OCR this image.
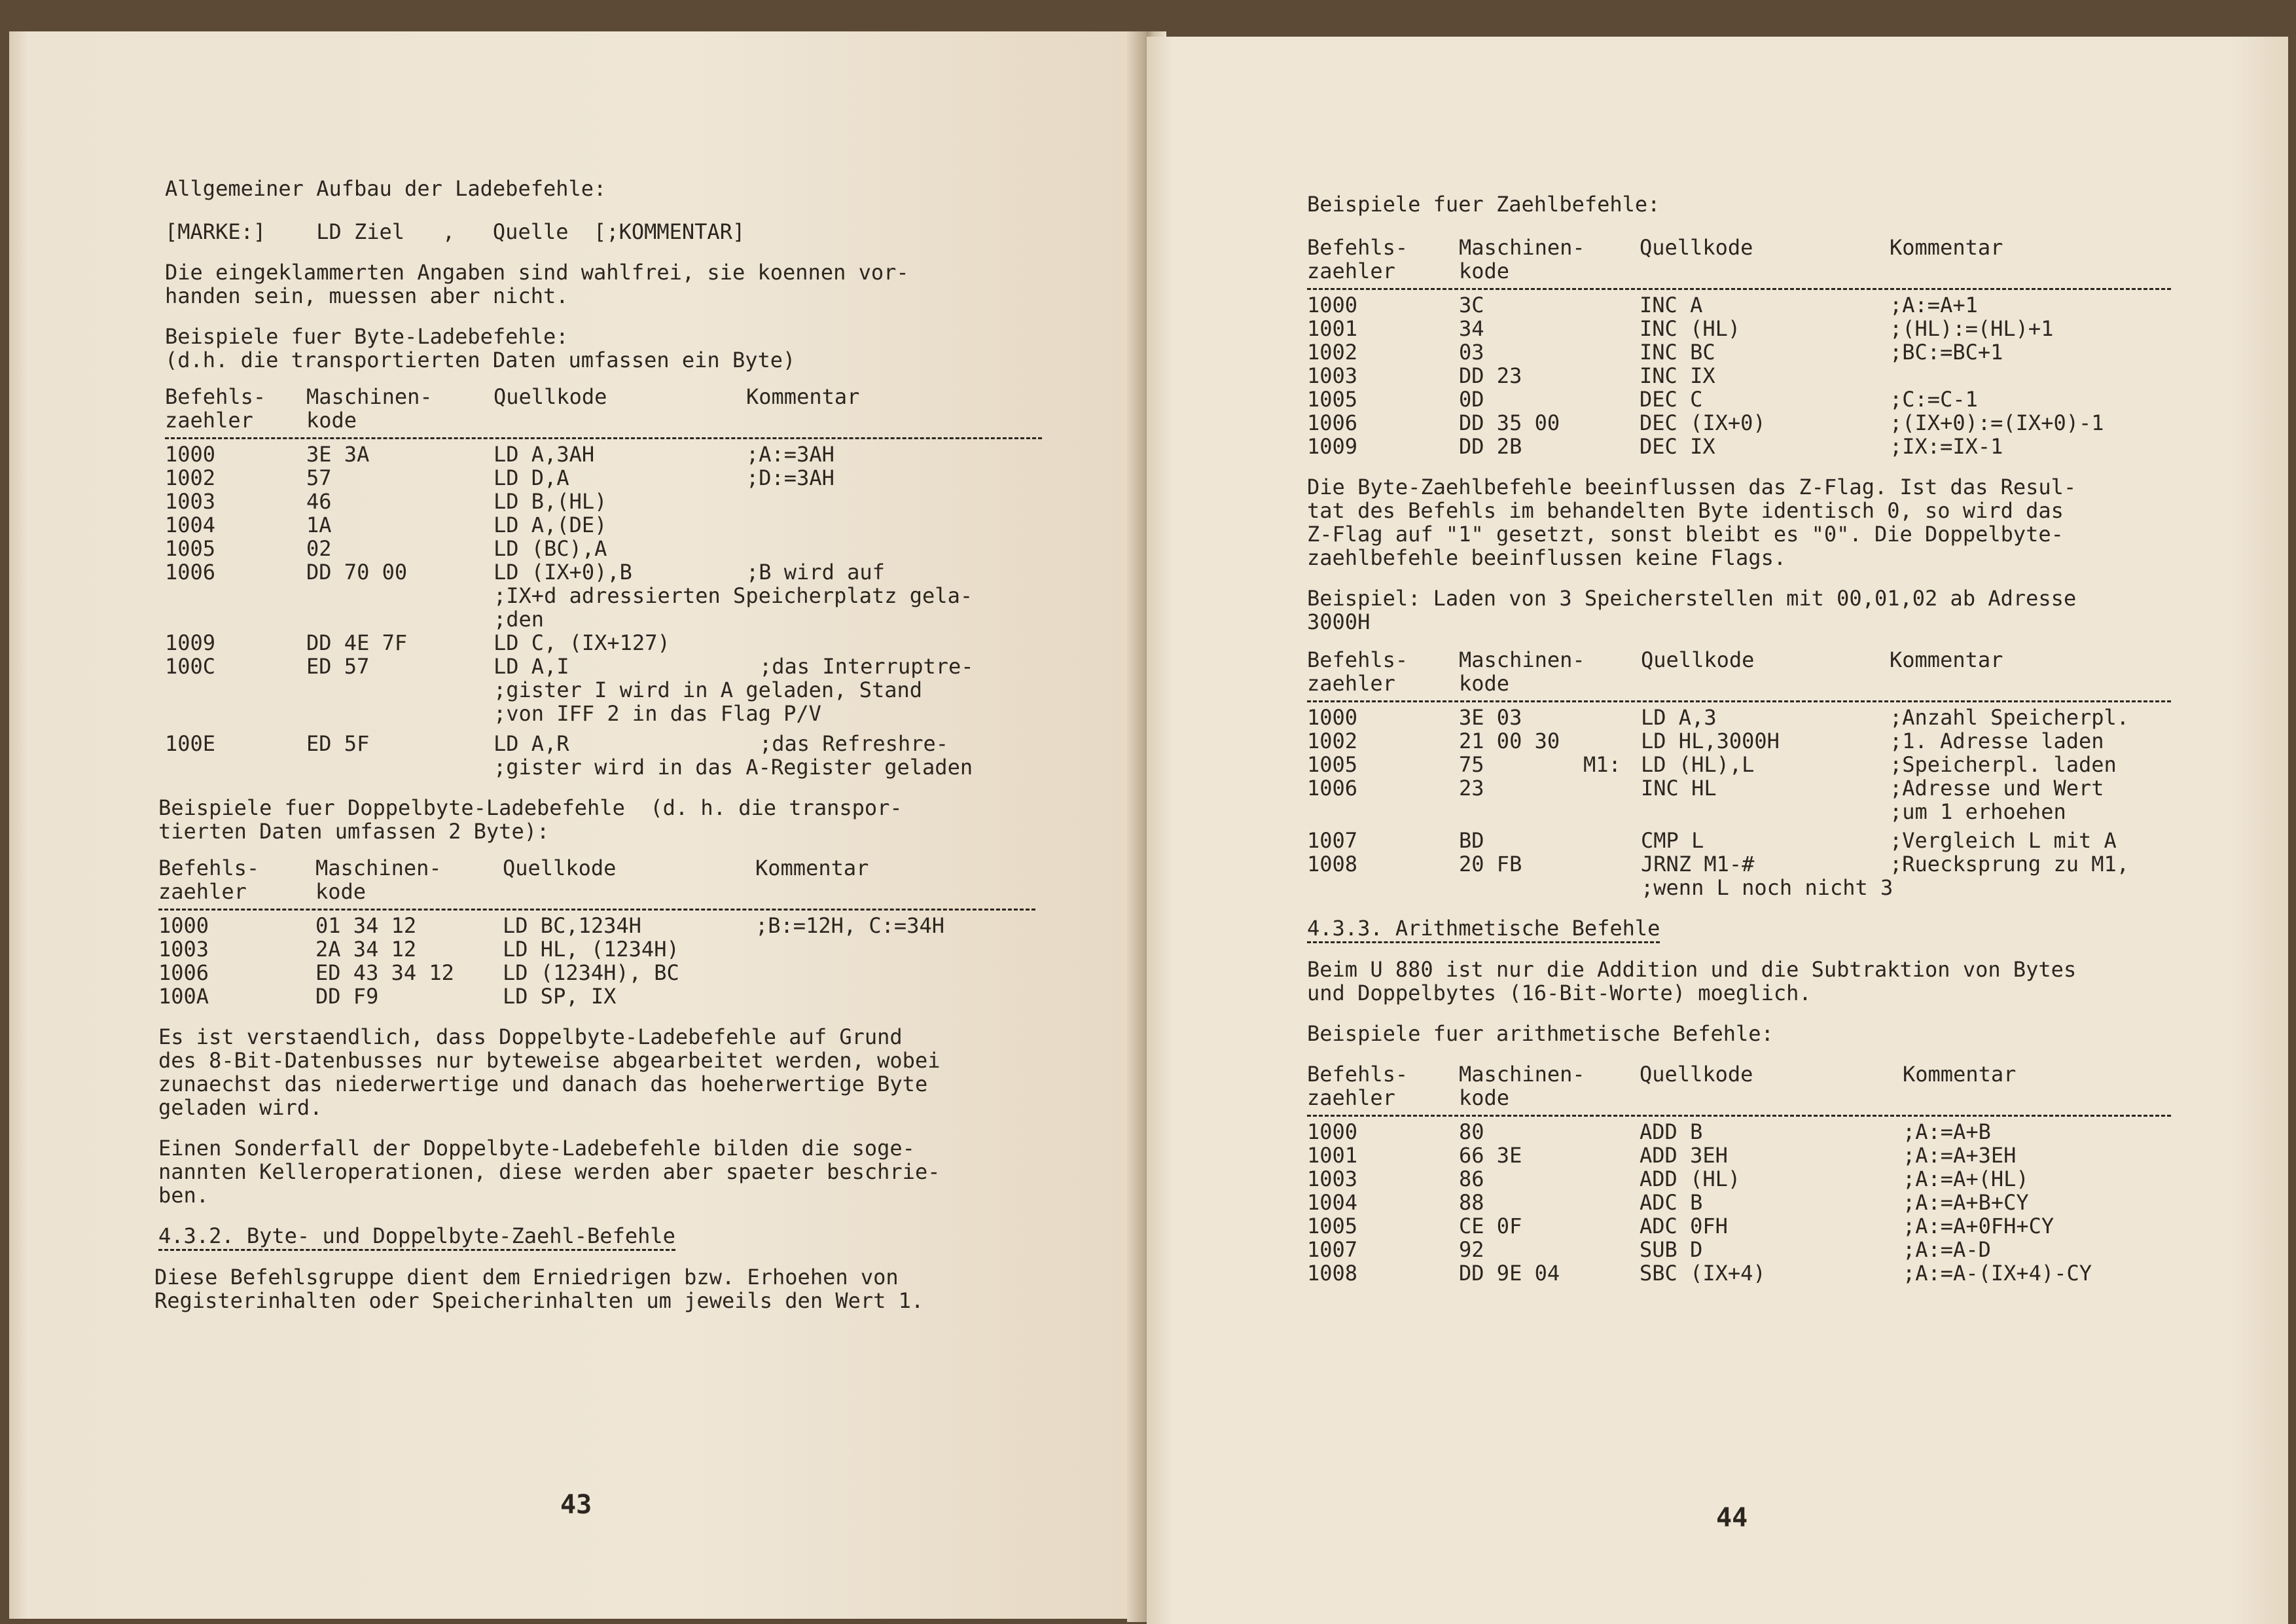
Allgemeiner Aufbau der Ladebefehle:

[MARKE:]    LD Ziel   ,   Quelle  [;KOMMENTAR]

Die eingeklammerten Angaben sind wahlfrei, sie koennen vor-
handen sein, muessen aber nicht.

Beispiele fuer Byte-Ladebefehle:
(d.h. die transportierten Daten umfassen ein Byte)

Befehls-
zaehler	Maschinen-
kode	Quellkode	Kommentar

1000	3E 3A	LD A,3AH	;A:=3AH
1002	57	LD D,A	;D:=3AH
1003	46	LD B,(HL)	
1004	1A	LD A,(DE)	
1005	02	LD (BC),A	
1006	DD 70 00	LD (IX+0),B	;B wird auf
		;IX+d adressierten Speicherplatz gela-
;den	
1009	DD 4E 7F	LD C, (IX+127)	
100C	ED 57	LD A,I	;das Interruptre-
		;gister I wird in A geladen, Stand
;von IFF 2 in das Flag P/V	
100E	ED 5F	LD A,R	;das Refreshre-
		;gister wird in das A-Register geladen	

Beispiele fuer Doppelbyte-Ladebefehle  (d. h. die transpor-
tierten Daten umfassen 2 Byte):

Befehls-
zaehler	Maschinen-
kode	Quellkode	Kommentar

1000	01 34 12	LD BC,1234H	;B:=12H, C:=34H
1003	2A 34 12	LD HL, (1234H)	
1006	ED 43 34 12	LD (1234H), BC	
100A	DD F9	LD SP, IX	

Es ist verstaendlich, dass Doppelbyte-Ladebefehle auf Grund
des 8-Bit-Datenbusses nur byteweise abgearbeitet werden, wobei
zunaechst das niederwertige und danach das hoeherwertige Byte
geladen wird.

Einen Sonderfall der Doppelbyte-Ladebefehle bilden die soge-
nannten Kelleroperationen, diese werden aber spaeter beschrie-
ben.

4.3.2. Byte- und Doppelbyte-Zaehl-Befehle

Diese Befehlsgruppe dient dem Erniedrigen bzw. Erhoehen von
Registerinhalten oder Speicherinhalten um jeweils den Wert 1.

43

Beispiele fuer Zaehlbefehle:

Befehls-
zaehler	Maschinen-
kode	Quellkode	Kommentar

1000	3C	INC A	;A:=A+1
1001	34	INC (HL)	;(HL):=(HL)+1
1002	03	INC BC	;BC:=BC+1
1003	DD 23	INC IX	
1005	0D	DEC C	;C:=C-1
1006	DD 35 00	DEC (IX+0)	;(IX+0):=(IX+0)-1
1009	DD 2B	DEC IX	;IX:=IX-1

Die Byte-Zaehlbefehle beeinflussen das Z-Flag. Ist das Resul-
tat des Befehls im behandelten Byte identisch 0, so wird das
Z-Flag auf "1" gesetzt, sonst bleibt es "0". Die Doppelbyte-
zaehlbefehle beeinflussen keine Flags.

Beispiel: Laden von 3 Speicherstellen mit 00,01,02 ab Adresse
3000H

Befehls-
zaehler	Maschinen-
kode		Quellkode	Kommentar

1000	3E 03		LD A,3	;Anzahl Speicherpl.
1002	21 00 30		LD HL,3000H	;1. Adresse laden
1005	75	M1:	LD (HL),L	;Speicherpl. laden
1006	23		INC HL	;Adresse und Wert
				;um 1 erhoehen
1007	BD		CMP L	;Vergleich L mit A
1008	20 FB		JRNZ M1-#	;Ruecksprung zu M1,
			;wenn L noch nicht 3	
4.3.3. Arithmetische Befehle

Beim U 880 ist nur die Addition und die Subtraktion von Bytes
und Doppelbytes (16-Bit-Worte) moeglich.

Beispiele fuer arithmetische Befehle:

Befehls-
zaehler	Maschinen-
kode	Quellkode	Kommentar

1000	80	ADD B	;A:=A+B
1001	66 3E	ADD 3EH	;A:=A+3EH
1003	86	ADD (HL)	;A:=A+(HL)
1004	88	ADC B	;A:=A+B+CY
1005	CE 0F	ADC 0FH	;A:=A+0FH+CY
1007	92	SUB D	;A:=A-D
1008	DD 9E 04	SBC (IX+4)	;A:=A-(IX+4)-CY
44
